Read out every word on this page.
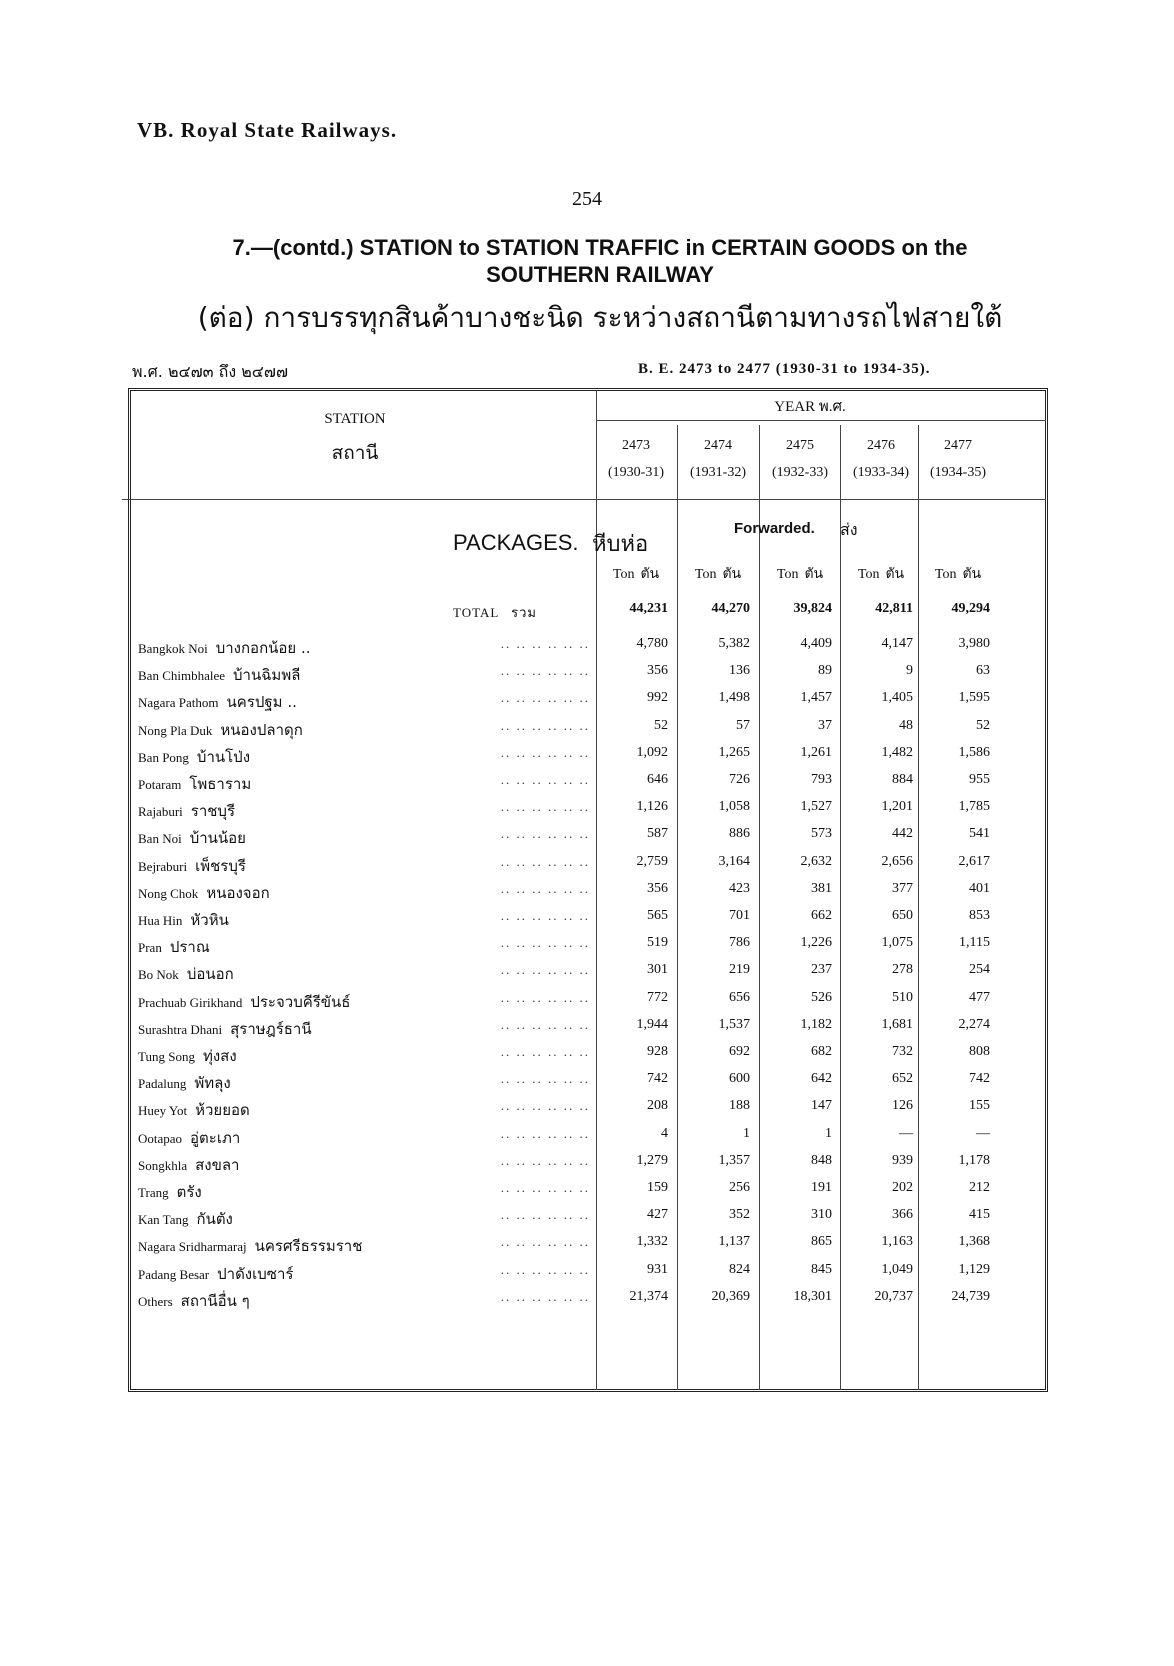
VB. Royal State Railways.
254
7.—(contd.) STATION to STATION TRAFFIC in CERTAIN GOODS on the
SOUTHERN RAILWAY
(ต่อ) การบรรทุกสินค้าบางชะนิด ระหว่างสถานีตามทางรถไฟสายใต้
พ.ศ. ๒๔๗๓ ถึง ๒๔๗๗	B. E. 2473 to 2477 (1930-31 to 1934-35).
STATION
สถานี
YEAR พ.ศ.
2473
(1930-31)
2474
(1931-32)
2475
(1932-33)
2476
(1933-34)
2477
(1934-35)
PACKAGES. หีบห่อ
Forwarded. ส่ง
Ton ตัน	Ton ตัน	Ton ตัน	Ton ตัน	Ton ตัน
TOTAL รวม	44,231	44,270	39,824	42,811	49,294
Bangkok Noi บางกอกน้อย ..	.. .. .. .. .. ..	4,780	5,382	4,409	4,147	3,980
Ban Chimbhalee บ้านฉิมพลี	.. .. .. .. .. ..	356	136	89	9	63
Nagara Pathom นครปฐม ..	.. .. .. .. .. ..	992	1,498	1,457	1,405	1,595
Nong Pla Duk หนองปลาดุก	.. .. .. .. .. ..	52	57	37	48	52
Ban Pong บ้านโป่ง	.. .. .. .. .. ..	1,092	1,265	1,261	1,482	1,586
Potaram โพธาราม	.. .. .. .. .. ..	646	726	793	884	955
Rajaburi ราชบุรี	.. .. .. .. .. ..	1,126	1,058	1,527	1,201	1,785
Ban Noi บ้านน้อย	.. .. .. .. .. ..	587	886	573	442	541
Bejraburi เพ็ชรบุรี	.. .. .. .. .. ..	2,759	3,164	2,632	2,656	2,617
Nong Chok หนองจอก	.. .. .. .. .. ..	356	423	381	377	401
Hua Hin หัวหิน	.. .. .. .. .. ..	565	701	662	650	853
Pran ปราณ	.. .. .. .. .. ..	519	786	1,226	1,075	1,115
Bo Nok บ่อนอก	.. .. .. .. .. ..	301	219	237	278	254
Prachuab Girikhand ประจวบคีรีขันธ์	.. .. .. .. .. ..	772	656	526	510	477
Surashtra Dhani สุราษฎร์ธานี	.. .. .. .. .. ..	1,944	1,537	1,182	1,681	2,274
Tung Song ทุ่งสง	.. .. .. .. .. ..	928	692	682	732	808
Padalung พัทลุง	.. .. .. .. .. ..	742	600	642	652	742
Huey Yot ห้วยยอด	.. .. .. .. .. ..	208	188	147	126	155
Ootapao อู่ตะเภา	.. .. .. .. .. ..	4	1	1	—	—
Songkhla สงขลา	.. .. .. .. .. ..	1,279	1,357	848	939	1,178
Trang ตรัง	.. .. .. .. .. ..	159	256	191	202	212
Kan Tang กันตัง	.. .. .. .. .. ..	427	352	310	366	415
Nagara Sridharmaraj นครศรีธรรมราช	.. .. .. .. .. ..	1,332	1,137	865	1,163	1,368
Padang Besar ปาดังเบซาร์	.. .. .. .. .. ..	931	824	845	1,049	1,129
Others สถานีอื่น ๆ	.. .. .. .. .. ..	21,374	20,369	18,301	20,737	24,739
